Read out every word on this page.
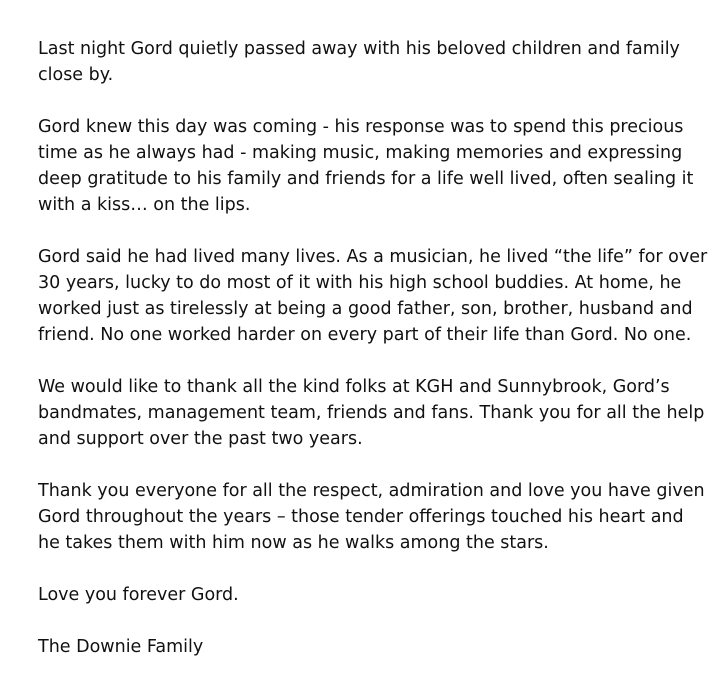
Last night Gord quietly passed away with his beloved children and family
close by.

Gord knew this day was coming - his response was to spend this precious
time as he always had - making music, making memories and expressing
deep gratitude to his family and friends for a life well lived, often sealing it
with a kiss… on the lips.

Gord said he had lived many lives. As a musician, he lived “the life” for over
30 years, lucky to do most of it with his high school buddies. At home, he
worked just as tirelessly at being a good father, son, brother, husband and
friend. No one worked harder on every part of their life than Gord. No one.

We would like to thank all the kind folks at KGH and Sunnybrook, Gord’s
bandmates, management team, friends and fans. Thank you for all the help
and support over the past two years.

Thank you everyone for all the respect, admiration and love you have given
Gord throughout the years – those tender offerings touched his heart and
he takes them with him now as he walks among the stars.

Love you forever Gord.

The Downie Family
